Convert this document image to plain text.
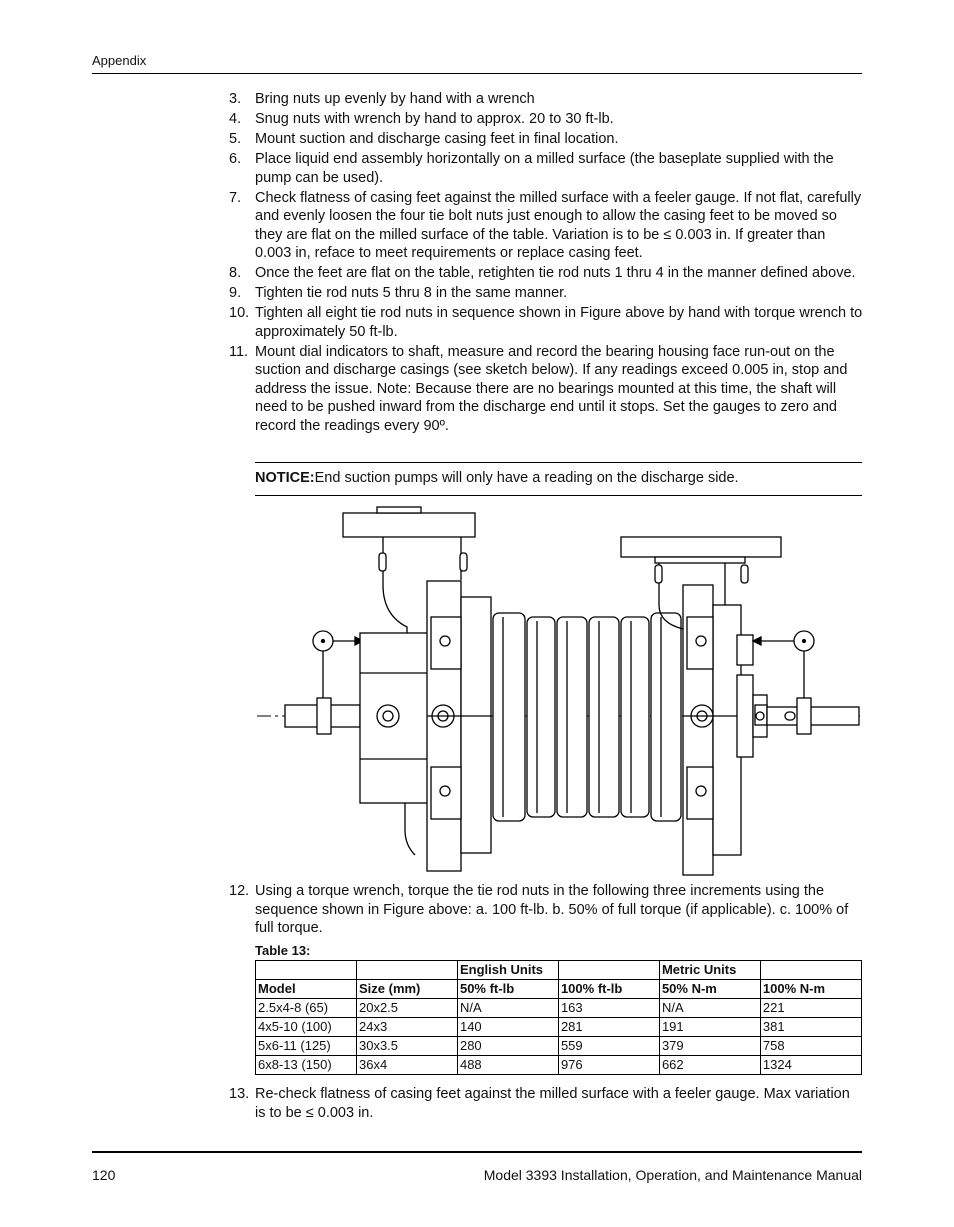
Appendix
3. Bring nuts up evenly by hand with a wrench
4. Snug nuts with wrench by hand to approx. 20 to 30 ft-lb.
5. Mount suction and discharge casing feet in final location.
6. Place liquid end assembly horizontally on a milled surface (the baseplate supplied with the pump can be used).
7. Check flatness of casing feet against the milled surface with a feeler gauge. If not flat, carefully and evenly loosen the four tie bolt nuts just enough to allow the casing feet to be moved so they are flat on the milled surface of the table. Variation is to be ≤ 0.003 in. If greater than 0.003 in, reface to meet requirements or replace casing feet.
8. Once the feet are flat on the table, retighten tie rod nuts 1 thru 4 in the manner defined above.
9. Tighten tie rod nuts 5 thru 8 in the same manner.
10. Tighten all eight tie rod nuts in sequence shown in Figure above by hand with torque wrench to approximately 50 ft-lb.
11. Mount dial indicators to shaft, measure and record the bearing housing face run-out on the suction and discharge casings (see sketch below). If any readings exceed 0.005 in, stop and address the issue. Note: Because there are no bearings mounted at this time, the shaft will need to be pushed inward from the discharge end until it stops. Set the gauges to zero and record the readings every 90º.
NOTICE:End suction pumps will only have a reading on the discharge side.
12. Using a torque wrench, torque the tie rod nuts in the following three increments using the sequence shown in Figure above: a. 100 ft-lb. b. 50% of full torque (if applicable). c. 100% of full torque.
Table 13:
		English Units		Metric Units	
Model	Size (mm)	50% ft-lb	100% ft-lb	50% N-m	100% N-m
2.5x4-8 (65)	20x2.5	N/A	163	N/A	221
4x5-10 (100)	24x3	140	281	191	381
5x6-11 (125)	30x3.5	280	559	379	758
6x8-13 (150)	36x4	488	976	662	1324
13. Re-check flatness of casing feet against the milled surface with a feeler gauge. Max variation is to be ≤ 0.003 in.
120	Model 3393 Installation, Operation, and Maintenance Manual
